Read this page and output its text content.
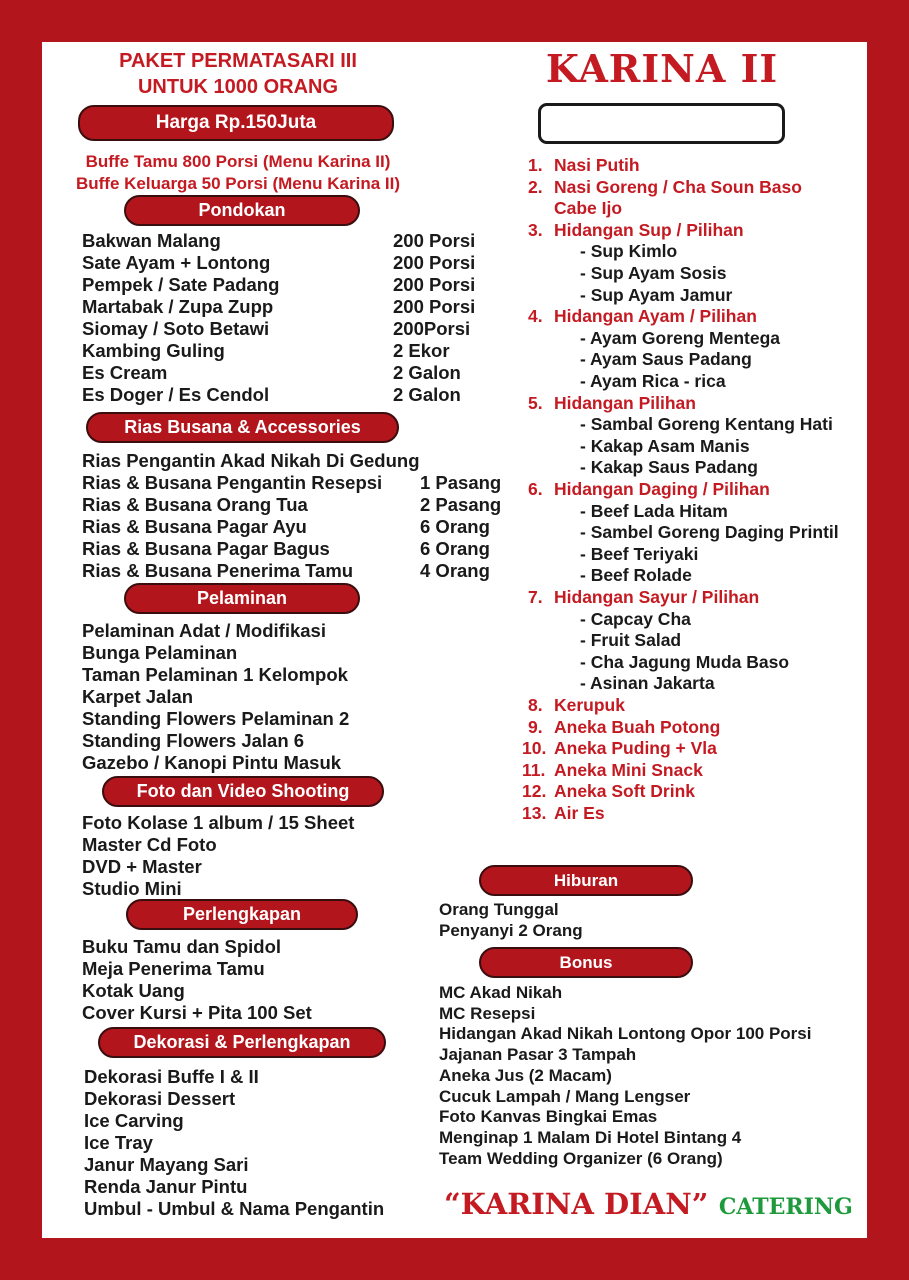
PAKET PERMATASARI III
UNTUK 1000 ORANG
Harga Rp.150Juta
Buffe Tamu 800 Porsi (Menu Karina II)
Buffe Keluarga 50 Porsi (Menu Karina II)
Pondokan
Bakwan Malang	200 Porsi
Sate Ayam + Lontong	200 Porsi
Pempek / Sate Padang	200 Porsi
Martabak / Zupa Zupp	200 Porsi
Siomay / Soto Betawi	200Porsi
Kambing Guling	2 Ekor
Es Cream	2 Galon
Es Doger / Es Cendol	2 Galon
Rias Busana & Accessories
Rias Pengantin Akad Nikah Di Gedung
Rias & Busana Pengantin Resepsi 1 Pasang
Rias & Busana Orang Tua	2 Pasang
Rias & Busana Pagar Ayu	6 Orang
Rias & Busana Pagar Bagus	6 Orang
Rias & Busana Penerima Tamu	4 Orang
Pelaminan
Pelaminan Adat / Modifikasi
Bunga Pelaminan
Taman Pelaminan 1 Kelompok
Karpet Jalan
Standing Flowers Pelaminan 2
Standing Flowers Jalan 6
Gazebo / Kanopi Pintu Masuk
Foto dan Video Shooting
Foto Kolase 1 album / 15 Sheet
Master Cd Foto
DVD + Master
Studio Mini
Perlengkapan
Buku Tamu dan Spidol
Meja Penerima Tamu
Kotak Uang
Cover Kursi + Pita 100 Set
Dekorasi & Perlengkapan
Dekorasi Buffe I & II
Dekorasi Dessert
Ice Carving
Ice Tray
Janur Mayang Sari
Renda Janur Pintu
Umbul - Umbul & Nama Pengantin
KARINA II
1. Nasi Putih
2. Nasi Goreng / Cha Soun Baso
Cabe Ijo
3. Hidangan Sup / Pilihan
- Sup Kimlo
- Sup Ayam Sosis
- Sup Ayam Jamur
4. Hidangan Ayam / Pilihan
- Ayam Goreng Mentega
- Ayam Saus Padang
- Ayam Rica - rica
5. Hidangan Pilihan
- Sambal Goreng Kentang Hati
- Kakap Asam Manis
- Kakap Saus Padang
6. Hidangan Daging / Pilihan
- Beef Lada Hitam
- Sambel Goreng Daging Printil
- Beef Teriyaki
- Beef Rolade
7. Hidangan Sayur / Pilihan
- Capcay Cha
- Fruit Salad
- Cha Jagung Muda Baso
- Asinan Jakarta
8. Kerupuk
9. Aneka Buah Potong
10. Aneka Puding + Vla
11. Aneka Mini Snack
12. Aneka Soft Drink
13. Air Es
Hiburan
Orang Tunggal
Penyanyi 2 Orang
Bonus
MC Akad Nikah
MC Resepsi
Hidangan Akad Nikah Lontong Opor 100 Porsi
Jajanan Pasar 3 Tampah
Aneka Jus (2 Macam)
Cucuk Lampah / Mang Lengser
Foto Kanvas Bingkai Emas
Menginap 1 Malam Di Hotel Bintang 4
Team Wedding Organizer (6 Orang)
“KARINA DIAN” CATERING
